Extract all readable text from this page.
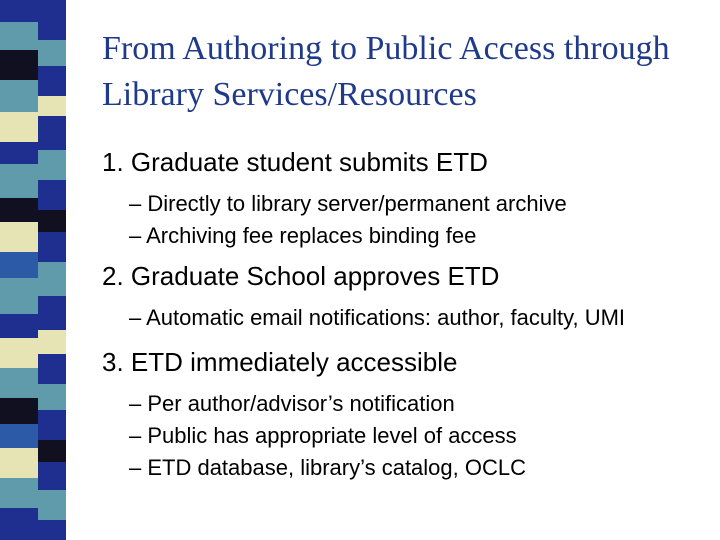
From Authoring to Public Access through Library Services/Resources

1. Graduate student submits ETD

– Directly to library server/permanent archive

– Archiving fee replaces binding fee

2. Graduate School approves ETD

– Automatic email notifications: author, faculty, UMI

3. ETD immediately accessible

– Per author/advisor’s notification

– Public has appropriate level of access

– ETD database, library’s catalog, OCLC
